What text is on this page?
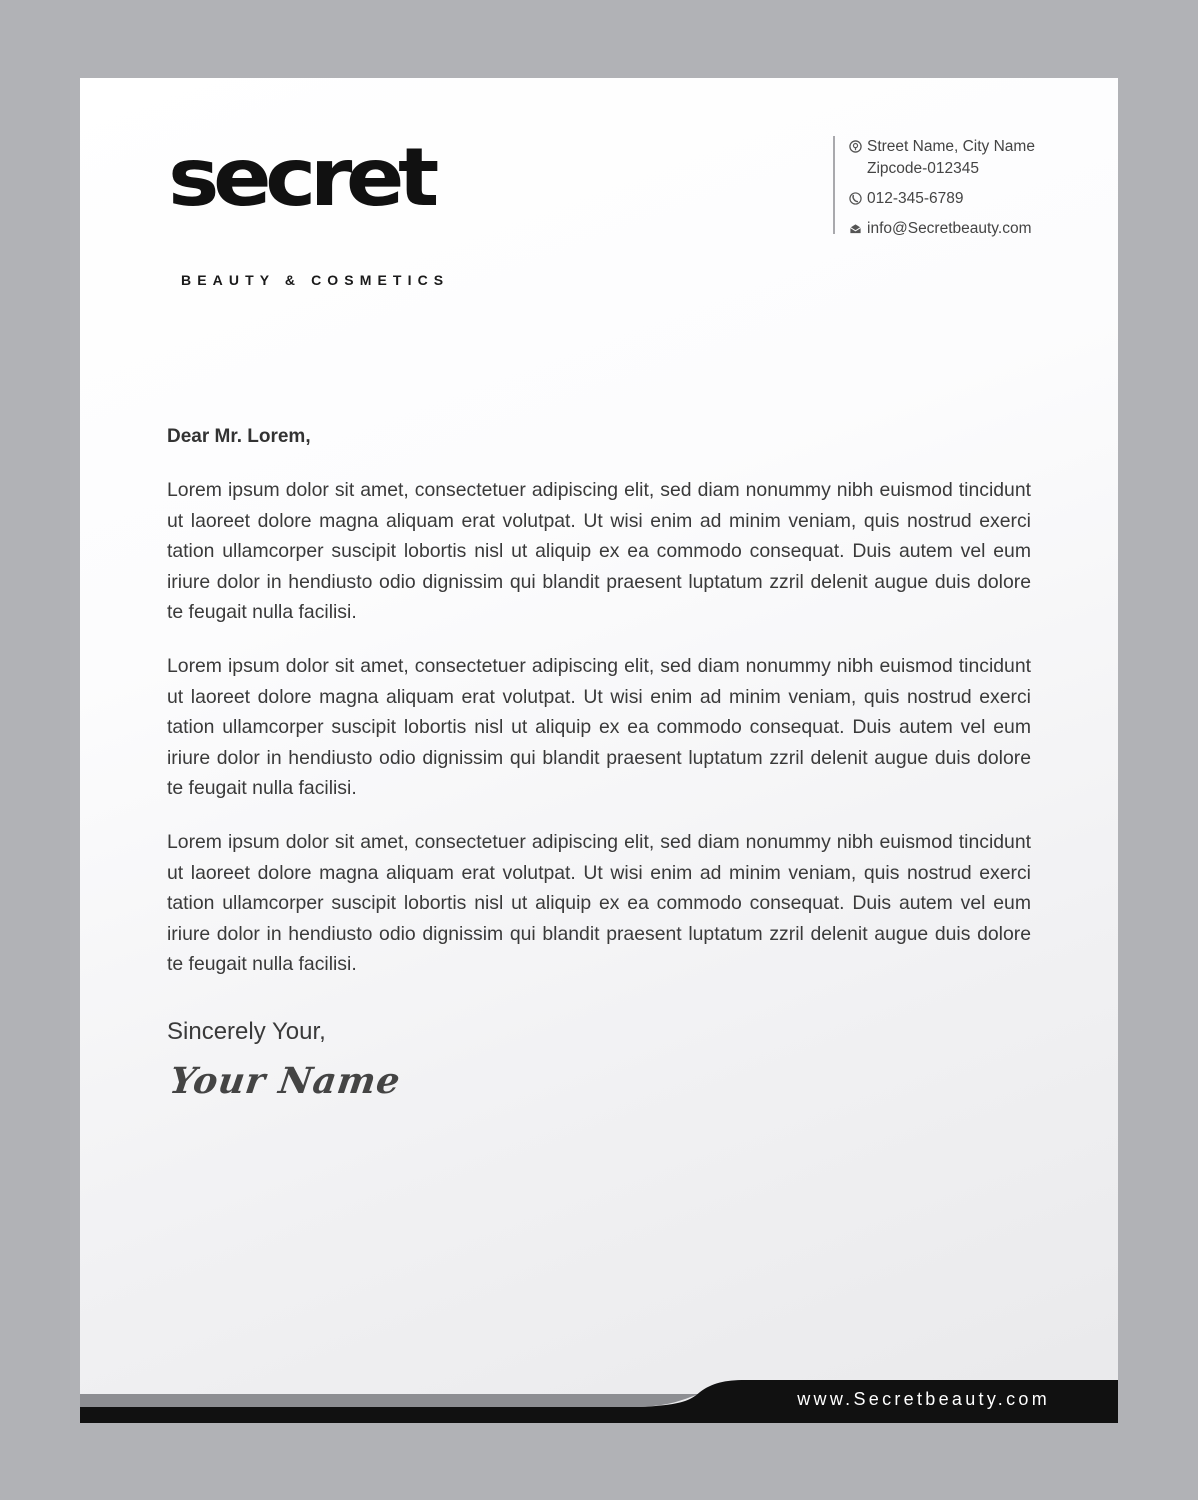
secret
BEAUTY & COSMETICS
Street Name, City Name
Zipcode-012345
012-345-6789
info@Secretbeauty.com
Dear Mr. Lorem,

Lorem ipsum dolor sit amet, consectetuer adipiscing elit, sed diam nonummy nibh euismod tincidunt ut laoreet dolore magna aliquam erat volutpat. Ut wisi enim ad minim veniam, quis nostrud exerci tation ullamcorper suscipit lobortis nisl ut aliquip ex ea commodo consequat. Duis autem vel eum iriure dolor in hendiusto odio dignissim qui blandit praesent luptatum zzril delenit augue duis dolore te feugait nulla facilisi.

Lorem ipsum dolor sit amet, consectetuer adipiscing elit, sed diam nonummy nibh euismod tincidunt ut laoreet dolore magna aliquam erat volutpat. Ut wisi enim ad minim veniam, quis nostrud exerci tation ullamcorper suscipit lobortis nisl ut aliquip ex ea commodo consequat. Duis autem vel eum iriure dolor in hendiusto odio dignissim qui blandit praesent luptatum zzril delenit augue duis dolore te feugait nulla facilisi.

Lorem ipsum dolor sit amet, consectetuer adipiscing elit, sed diam nonummy nibh euismod tincidunt ut laoreet dolore magna aliquam erat volutpat. Ut wisi enim ad minim veniam, quis nostrud exerci tation ullamcorper suscipit lobortis nisl ut aliquip ex ea commodo consequat. Duis autem vel eum iriure dolor in hendiusto odio dignissim qui blandit praesent luptatum zzril delenit augue duis dolore te feugait nulla facilisi.

Sincerely Your,
Your Name
www.Secretbeauty.com
